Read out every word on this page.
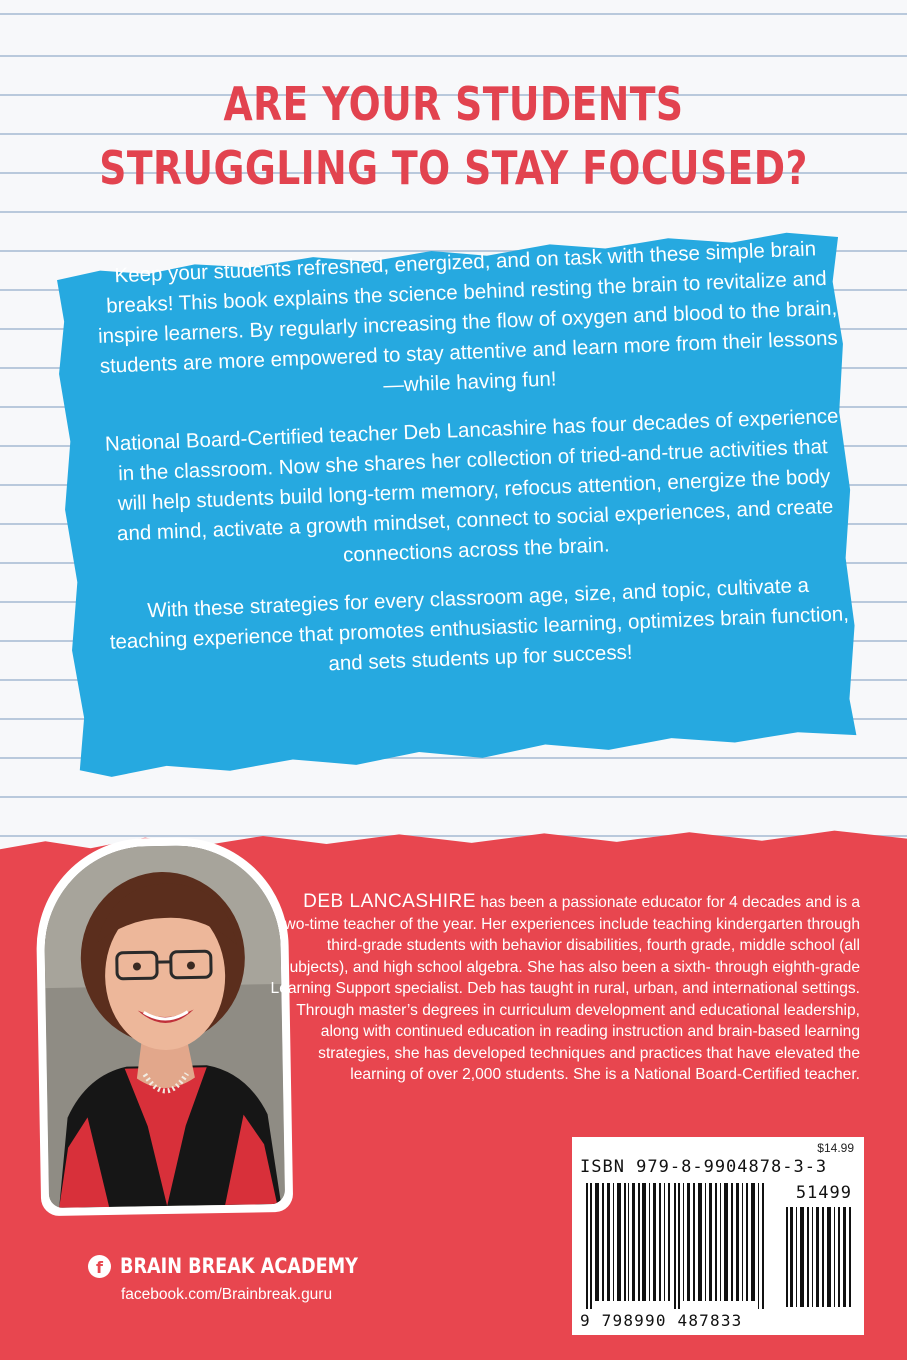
ARE YOUR STUDENTS
STRUGGLING TO STAY FOCUSED?

Keep your students refreshed, energized, and on task with these simple brain breaks! This book explains the science behind resting the brain to revitalize and inspire learners. By regularly increasing the flow of oxygen and blood to the brain, students are more empowered to stay attentive and learn more from their lessons—while having fun!

National Board-Certified teacher Deb Lancashire has four decades of experience in the classroom. Now she shares her collection of tried-and-true activities that will help students build long-term memory, refocus attention, energize the body and mind, activate a growth mindset, connect to social experiences, and create connections across the brain.

With these strategies for every classroom age, size, and topic, cultivate a teaching experience that promotes enthusiastic learning, optimizes brain function, and sets students up for success!

DEB LANCASHIRE has been a passionate educator for 4 decades and is a two-time teacher of the year. Her experiences include teaching kindergarten through third-grade students with behavior disabilities, fourth grade, middle school (all subjects), and high school algebra. She has also been a sixth- through eighth-grade Learning Support specialist. Deb has taught in rural, urban, and international settings. Through master’s degrees in curriculum development and educational leadership, along with continued education in reading instruction and brain-based learning strategies, she has developed techniques and practices that have elevated the learning of over 2,000 students. She is a National Board-Certified teacher.
$14.99
ISBN 979-8-9904878-3-3
51499
9 798990 487833
f BRAIN BREAK ACADEMY
facebook.com/Brainbreak.guru
